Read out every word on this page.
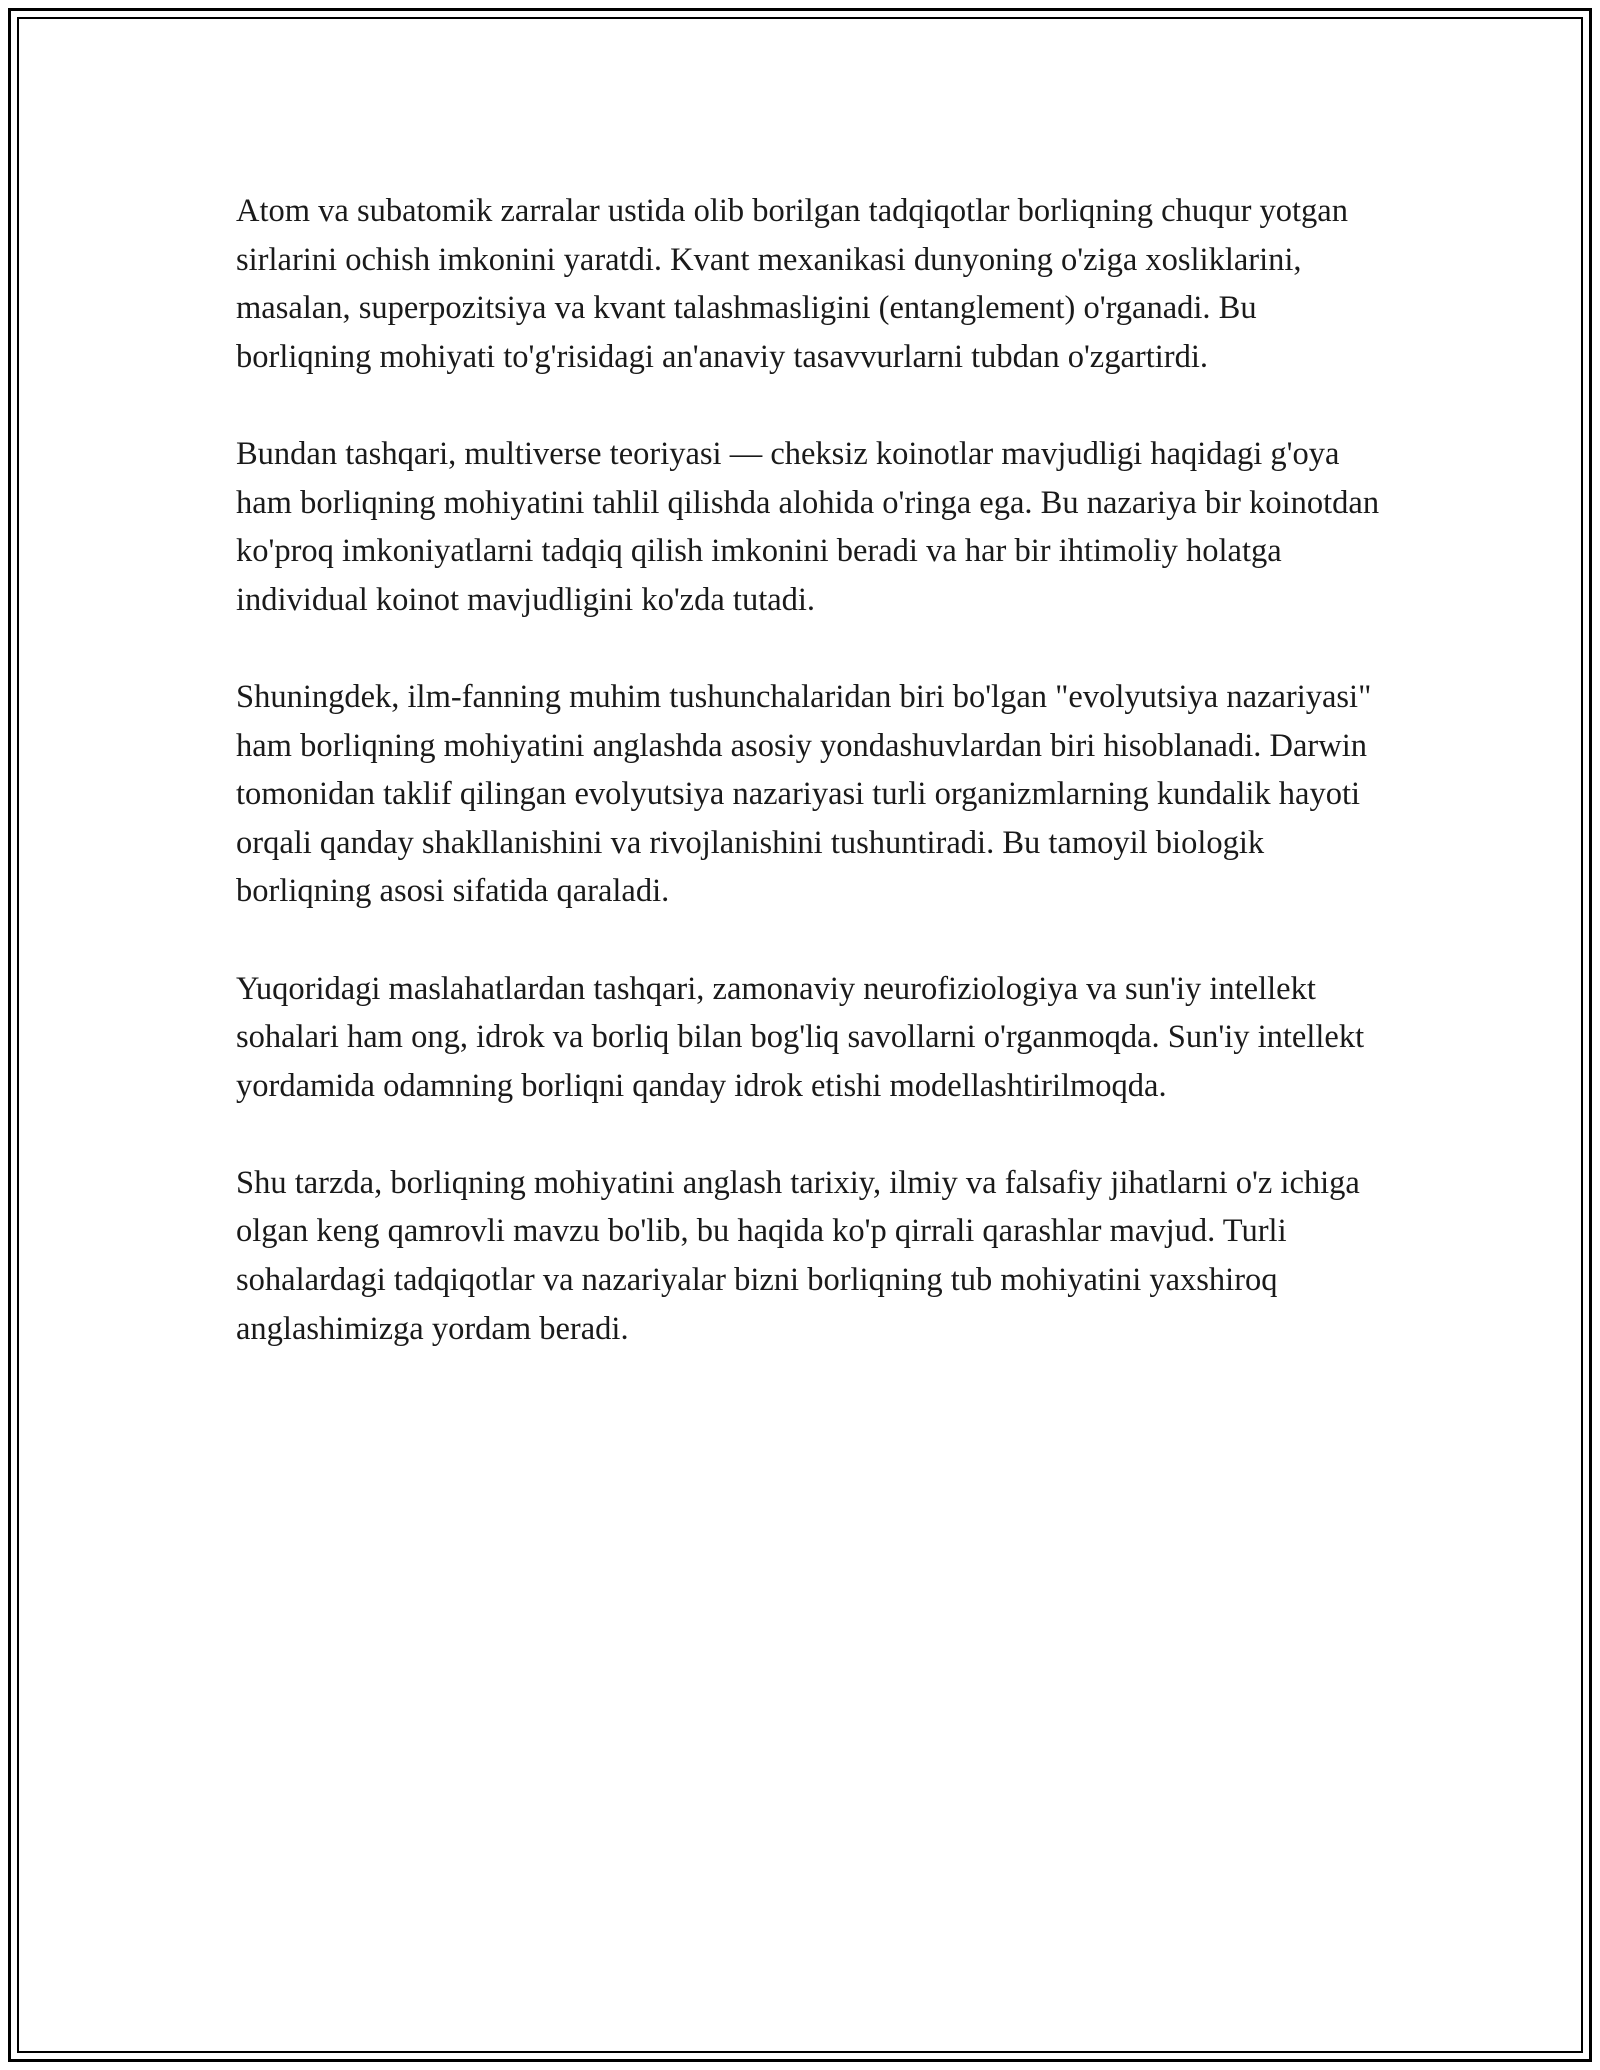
Atom va subatomik zarralar ustida olib borilgan tadqiqotlar borliqning chuqur yotgan sirlarini ochish imkonini yaratdi. Kvant mexanikasi dunyoning o'ziga xosliklarini, masalan, superpozitsiya va kvant talashmasligini (entanglement) o'rganadi. Bu borliqning mohiyati to'g'risidagi an'anaviy tasavvurlarni tubdan o'zgartirdi.

Bundan tashqari, multiverse teoriyasi — cheksiz koinotlar mavjudligi haqidagi g'oya ham borliqning mohiyatini tahlil qilishda alohida o'ringa ega. Bu nazariya bir koinotdan ko'proq imkoniyatlarni tadqiq qilish imkonini beradi va har bir ihtimoliy holatga individual koinot mavjudligini ko'zda tutadi.

Shuningdek, ilm-fanning muhim tushunchalaridan biri bo'lgan "evolyutsiya nazariyasi" ham borliqning mohiyatini anglashda asosiy yondashuvlardan biri hisoblanadi. Darwin tomonidan taklif qilingan evolyutsiya nazariyasi turli organizmlarning kundalik hayoti orqali qanday shakllanishini va rivojlanishini tushuntiradi. Bu tamoyil biologik borliqning asosi sifatida qaraladi.

Yuqoridagi maslahatlardan tashqari, zamonaviy neurofiziologiya va sun'iy intellekt sohalari ham ong, idrok va borliq bilan bog'liq savollarni o'rganmoqda. Sun'iy intellekt yordamida odamning borliqni qanday idrok etishi modellashtirilmoqda.

Shu tarzda, borliqning mohiyatini anglash tarixiy, ilmiy va falsafiy jihatlarni o'z ichiga olgan keng qamrovli mavzu bo'lib, bu haqida ko'p qirrali qarashlar mavjud. Turli sohalardagi tadqiqotlar va nazariyalar bizni borliqning tub mohiyatini yaxshiroq anglashimizga yordam beradi.
